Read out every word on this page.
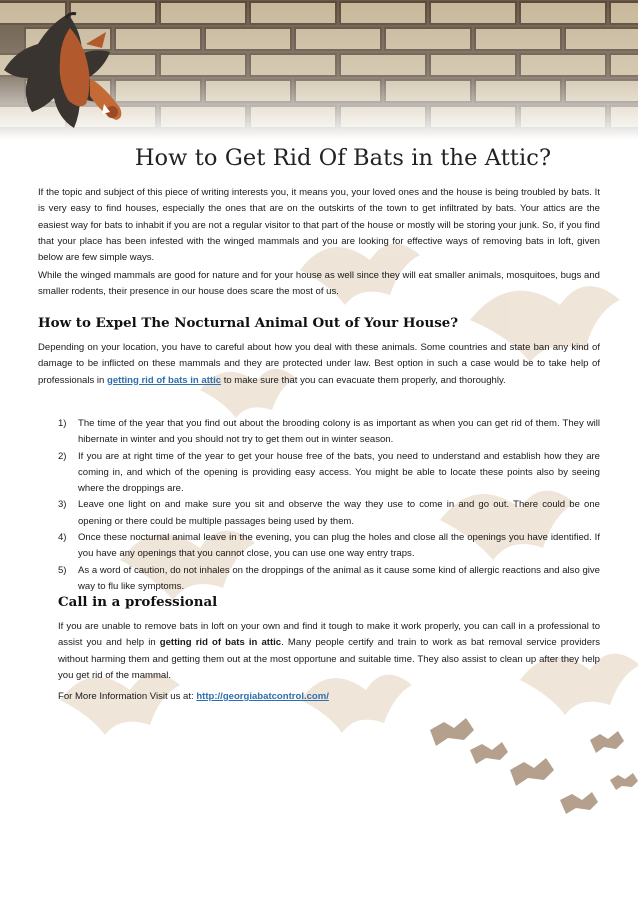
How to Get Rid Of Bats in the Attic?

If the topic and subject of this piece of writing interests you, it means you, your loved ones and the house is being troubled by bats. It is very easy to find houses, especially the ones that are on the outskirts of the town to get infiltrated by bats. Your attics are the easiest way for bats to inhabit if you are not a regular visitor to that part of the house or mostly will be storing your junk. So, if you find that your place has been infested with the winged mammals and you are looking for effective ways of removing bats in loft, given below are few simple ways.

While the winged mammals are good for nature and for your house as well since they will eat smaller animals, mosquitoes, bugs and smaller rodents, their presence in our house does scare the most of us.

How to Expel The Nocturnal Animal Out of Your House?

Depending on your location, you have to careful about how you deal with these animals. Some countries and state ban any kind of damage to be inflicted on these mammals and they are protected under law. Best option in such a case would be to take help of professionals in getting rid of bats in attic to make sure that you can evacuate them properly, and thoroughly.

1) The time of the year that you find out about the brooding colony is as important as when you can get rid of them. They will hibernate in winter and you should not try to get them out in winter season.
2) If you are at right time of the year to get your house free of the bats, you need to understand and establish how they are coming in, and which of the opening is providing easy access. You might be able to locate these points also by seeing where the droppings are.
3) Leave one light on and make sure you sit and observe the way they use to come in and go out. There could be one opening or there could be multiple passages being used by them.
4) Once these nocturnal animal leave in the evening, you can plug the holes and close all the openings you have identified. If you have any openings that you cannot close, you can use one way entry traps.
5) As a word of caution, do not inhales on the droppings of the animal as it cause some kind of allergic reactions and also give way to flu like symptoms.
Call in a professional

If you are unable to remove bats in loft on your own and find it tough to make it work properly, you can call in a professional to assist you and help in getting rid of bats in attic. Many people certify and train to work as bat removal service providers without harming them and getting them out at the most opportune and suitable time. They also assist to clean up after they help you get rid of the mammal.

For More Information Visit us at: http://georgiabatcontrol.com/
